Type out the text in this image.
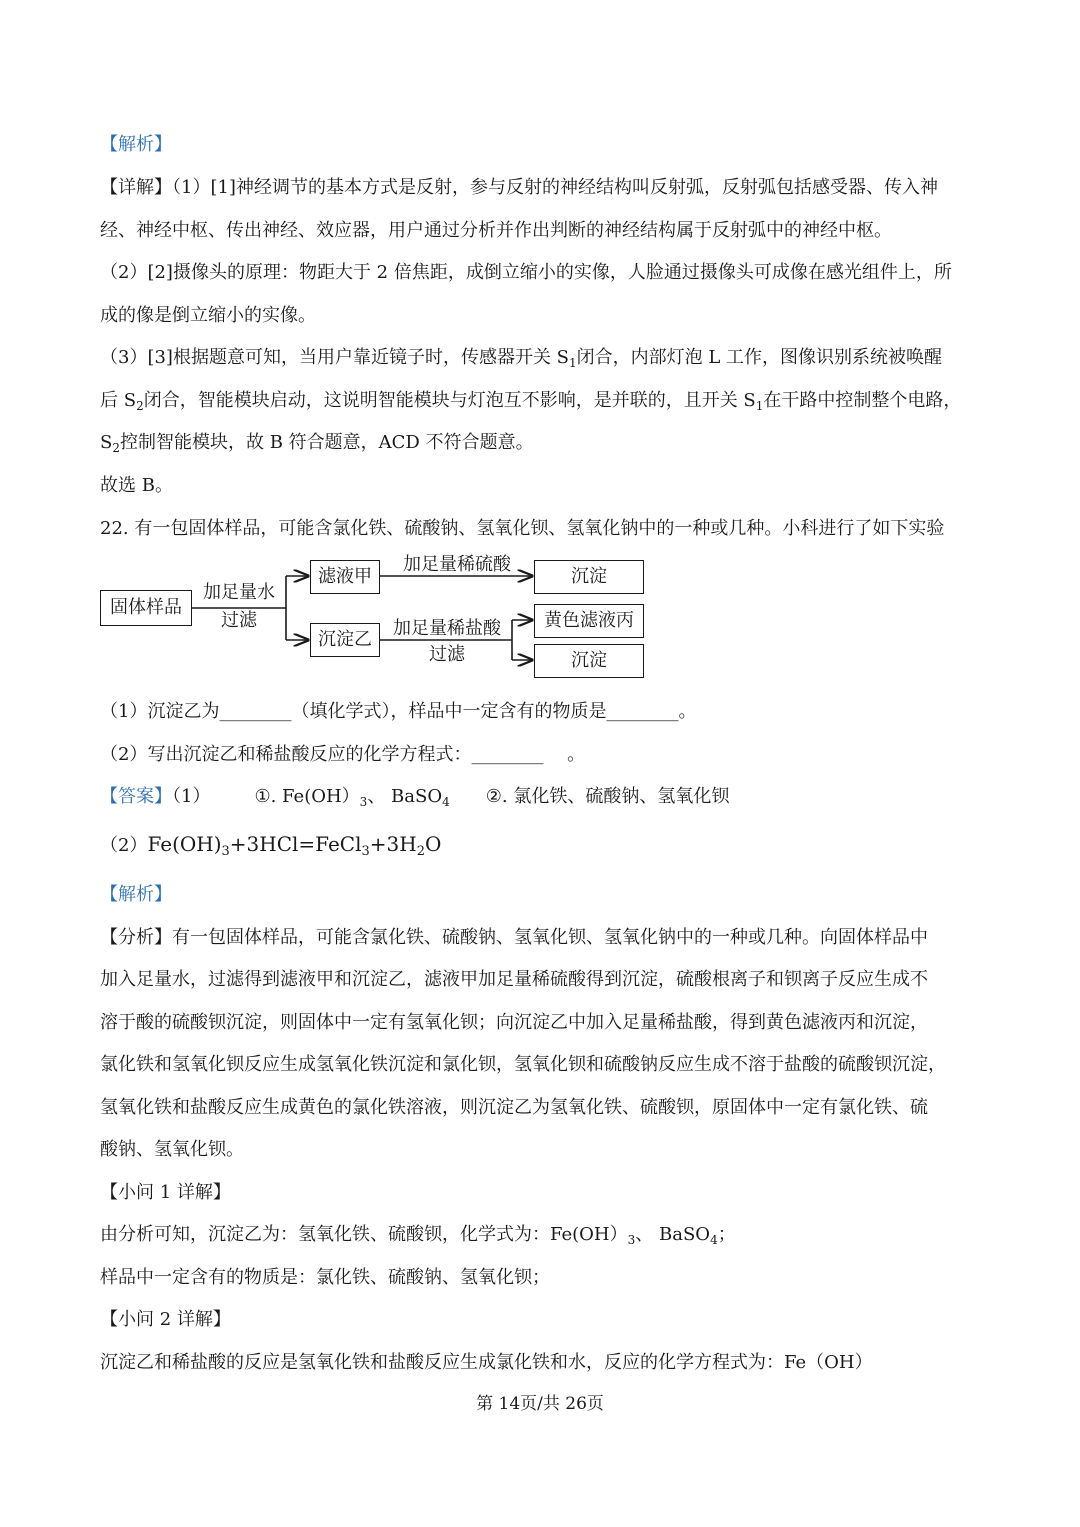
【解析】
【详解】（1）[1]神经调节的基本方式是反射，参与反射的神经结构叫反射弧，反射弧包括感受器、传入神
经、神经中枢、传出神经、效应器，用户通过分析并作出判断的神经结构属于反射弧中的神经中枢。
（2）[2]摄像头的原理：物距大于 2 倍焦距，成倒立缩小的实像，人脸通过摄像头可成像在感光组件上，所
成的像是倒立缩小的实像。
（3）[3]根据题意可知，当用户靠近镜子时，传感器开关 $S_1$闭合，内部灯泡 L 工作，图像识别系统被唤醒
后 $S_2$闭合，智能模块启动，这说明智能模块与灯泡互不影响，是并联的，且开关 $S_1$在干路中控制整个电路，
$S_2$控制智能模块，故 B 符合题意，ACD 不符合题意。
故选 B。
22. 有一包固体样品，可能含氯化铁、硫酸钠、氢氧化钡、氢氧化钠中的一种或几种。小科进行了如下实验
固体样品
加足量水
过滤
滤液甲
加足量稀硫酸
沉淀
沉淀乙
加足量稀盐酸
过滤
黄色滤液丙
沉淀
（1）沉淀乙为________（填化学式），样品中一定含有的物质是________。
（2）写出沉淀乙和稀盐酸反应的化学方程式：________　 。
【答案】（1） ①. $Fe(OH)_3$、 BaSO$_4$ ②. 氯化铁、硫酸钠、氢氧化钡
$(2)Fe(OH)_3+3HCl=FeCl_3+3H_2O$
【解析】
【分析】有一包固体样品，可能含氯化铁、硫酸钠、氢氧化钡、氢氧化钠中的一种或几种。向固体样品中
加入足量水，过滤得到滤液甲和沉淀乙，滤液甲加足量稀硫酸得到沉淀，硫酸根离子和钡离子反应生成不
溶于酸的硫酸钡沉淀，则固体中一定有氢氧化钡；向沉淀乙中加入足量稀盐酸，得到黄色滤液丙和沉淀，
氯化铁和氢氧化钡反应生成氢氧化铁沉淀和氯化钡，氢氧化钡和硫酸钠反应生成不溶于盐酸的硫酸钡沉淀，
氢氧化铁和盐酸反应生成黄色的氯化铁溶液，则沉淀乙为氢氧化铁、硫酸钡，原固体中一定有氯化铁、硫
酸钠、氢氧化钡。
【小问 1 详解】
由分析可知，沉淀乙为：氢氧化铁、硫酸钡，化学式为：$Fe(OH)_3$、 BaSO$_4$；
样品中一定含有的物质是：氯化铁、硫酸钠、氢氧化钡；
【小问 2 详解】
沉淀乙和稀盐酸的反应是氢氧化铁和盐酸反应生成氯化铁和水，反应的化学方程式为：Fe（OH）
第 14页/共 26页
